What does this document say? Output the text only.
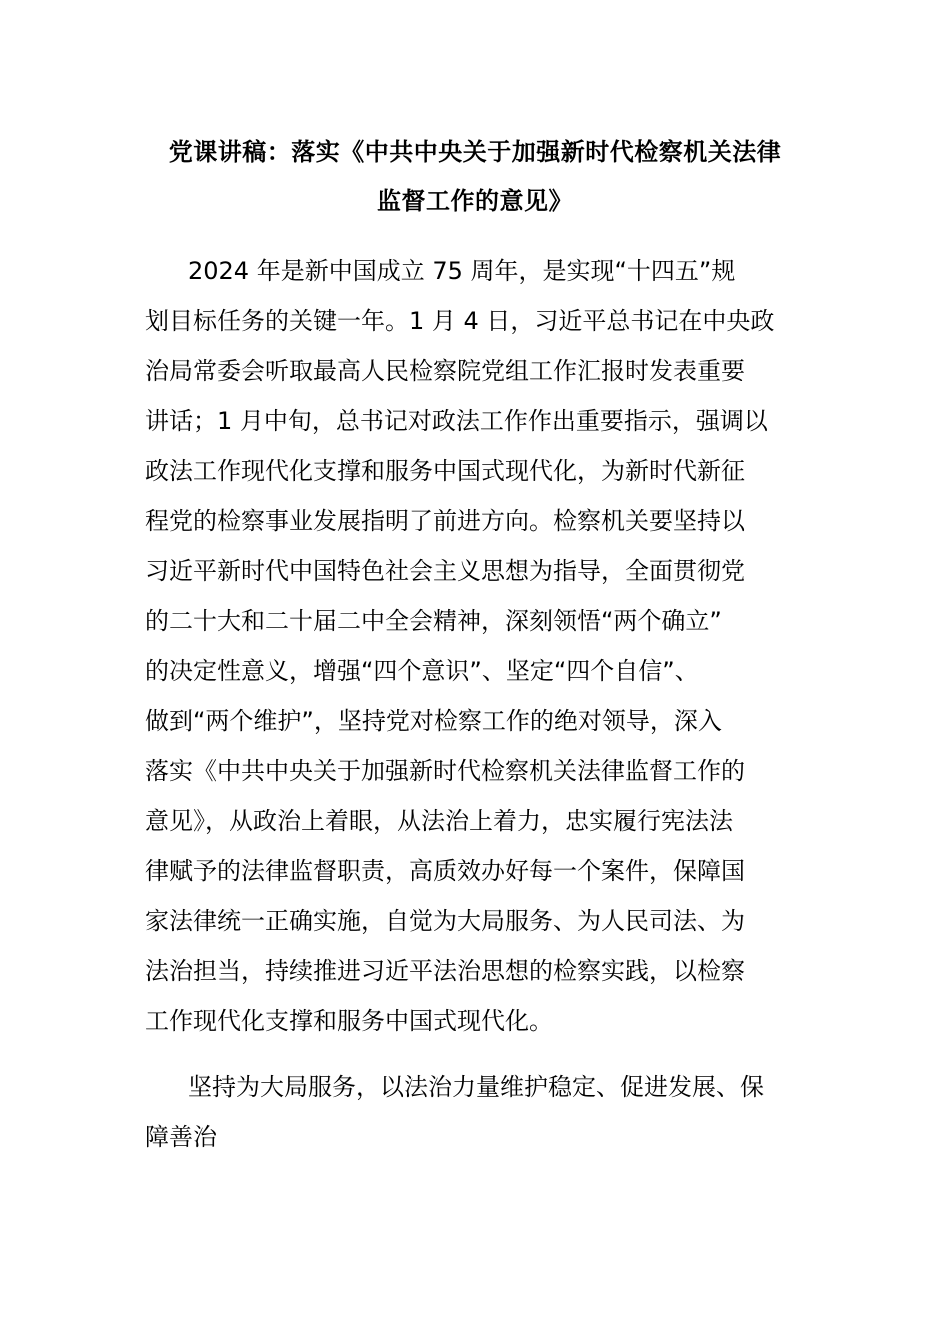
党课讲稿：落实《中共中央关于加强新时代检察机关法律
监督工作的意见》

2024 年是新中国成立 75 周年，是实现“十四五”规
划目标任务的关键一年。1 月 4 日，习近平总书记在中央政
治局常委会听取最高人民检察院党组工作汇报时发表重要
讲话；1 月中旬，总书记对政法工作作出重要指示，强调以
政法工作现代化支撑和服务中国式现代化，为新时代新征
程党的检察事业发展指明了前进方向。检察机关要坚持以
习近平新时代中国特色社会主义思想为指导，全面贯彻党
的二十大和二十届二中全会精神，深刻领悟“两个确立”
的决定性意义，增强“四个意识”、坚定“四个自信”、
做到“两个维护”，坚持党对检察工作的绝对领导，深入
落实《中共中央关于加强新时代检察机关法律监督工作的
意见》，从政治上着眼，从法治上着力，忠实履行宪法法
律赋予的法律监督职责，高质效办好每一个案件，保障国
家法律统一正确实施，自觉为大局服务、为人民司法、为
法治担当，持续推进习近平法治思想的检察实践，以检察
工作现代化支撑和服务中国式现代化。

坚持为大局服务，以法治力量维护稳定、促进发展、保
障善治
